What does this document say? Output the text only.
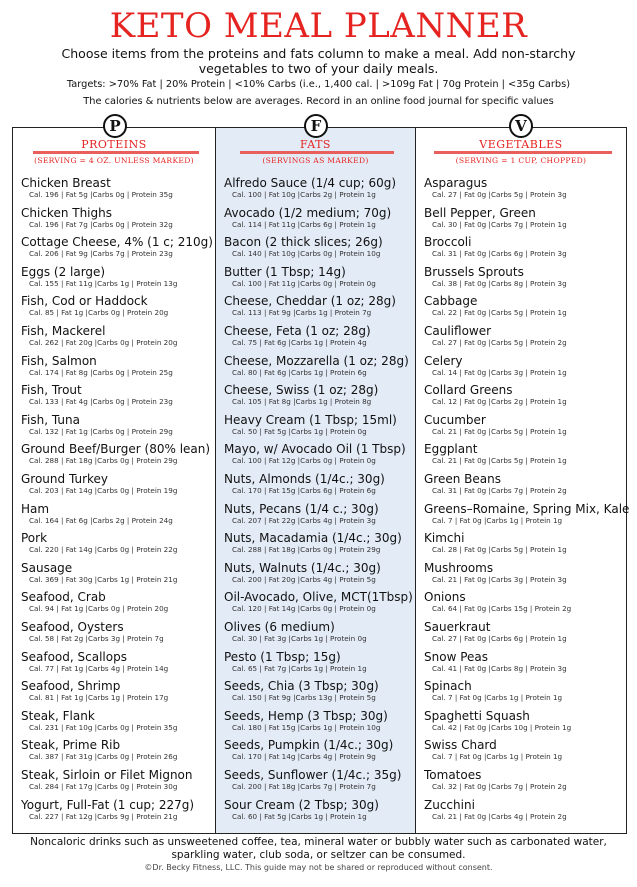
KETO MEAL PLANNER
Choose items from the proteins and fats column to make a meal. Add non-starchy vegetables to two of your daily meals.
Targets: >70% Fat | 20% Protein | <10% Carbs (i.e., 1,400 cal. | >109g Fat | 70g Protein | <35g Carbs)
The calories & nutrients below are averages. Record in an online food journal for specific values
P
PROTEINS
(SERVING = 4 OZ. UNLESS MARKED)
Chicken Breast
Cal. 196 | Fat 5g |Carbs 0g | Protein 35g
Chicken Thighs
Cal. 196 | Fat 7g |Carbs 0g | Protein 32g
Cottage Cheese, 4% (1 c; 210g)
Cal. 206 | Fat 9g |Carbs 7g | Protein 23g
Eggs (2 large)
Cal. 155 | Fat 11g |Carbs 1g | Protein 13g
Fish, Cod or Haddock
Cal. 85 | Fat 1g |Carbs 0g | Protein 20g
Fish, Mackerel
Cal. 262 | Fat 20g |Carbs 0g | Protein 20g
Fish, Salmon
Cal. 174 | Fat 8g |Carbs 0g | Protein 25g
Fish, Trout
Cal. 133 | Fat 4g |Carbs 0g | Protein 23g
Fish, Tuna
Cal. 132 | Fat 1g |Carbs 0g | Protein 29g
Ground Beef/Burger (80% lean)
Cal. 288 | Fat 18g |Carbs 0g | Protein 29g
Ground Turkey
Cal. 203 | Fat 14g |Carbs 0g | Protein 19g
Ham
Cal. 164 | Fat 6g |Carbs 2g | Protein 24g
Pork
Cal. 220 | Fat 14g |Carbs 0g | Protein 22g
Sausage
Cal. 369 | Fat 30g |Carbs 1g | Protein 21g
Seafood, Crab
Cal. 94 | Fat 1g |Carbs 0g | Protein 20g
Seafood, Oysters
Cal. 58 | Fat 2g |Carbs 3g | Protein 7g
Seafood, Scallops
Cal. 77 | Fat 1g |Carbs 4g | Protein 14g
Seafood, Shrimp
Cal. 81 | Fat 1g |Carbs 1g | Protein 17g
Steak, Flank
Cal. 231 | Fat 10g |Carbs 0g | Protein 35g
Steak, Prime Rib
Cal. 387 | Fat 31g |Carbs 0g | Protein 26g
Steak, Sirloin or Filet Mignon
Cal. 284 | Fat 17g |Carbs 0g | Protein 30g
Yogurt, Full-Fat (1 cup; 227g)
Cal. 227 | Fat 12g |Carbs 9g | Protein 21g
F
FATS
(SERVINGS AS MARKED)
Alfredo Sauce (1/4 cup; 60g)
Cal. 100 | Fat 10g |Carbs 2g | Protein 1g
Avocado (1/2 medium; 70g)
Cal. 114 | Fat 11g |Carbs 6g | Protein 1g
Bacon (2 thick slices; 26g)
Cal. 140 | Fat 10g |Carbs 0g | Protein 10g
Butter (1 Tbsp; 14g)
Cal. 100 | Fat 11g |Carbs 0g | Protein 0g
Cheese, Cheddar (1 oz; 28g)
Cal. 113 | Fat 9g |Carbs 1g | Protein 7g
Cheese, Feta (1 oz; 28g)
Cal. 75 | Fat 6g |Carbs 1g | Protein 4g
Cheese, Mozzarella (1 oz; 28g)
Cal. 80 | Fat 6g |Carbs 1g | Protein 6g
Cheese, Swiss (1 oz; 28g)
Cal. 105 | Fat 8g |Carbs 1g | Protein 8g
Heavy Cream (1 Tbsp; 15ml)
Cal. 50 | Fat 5g |Carbs 1g | Protein 0g
Mayo, w/ Avocado Oil (1 Tbsp)
Cal. 100 | Fat 12g |Carbs 0g | Protein 0g
Nuts, Almonds (1/4c.; 30g)
Cal. 170 | Fat 15g |Carbs 6g | Protein 6g
Nuts, Pecans (1/4 c.; 30g)
Cal. 207 | Fat 22g |Carbs 4g | Protein 3g
Nuts, Macadamia (1/4c.; 30g)
Cal. 288 | Fat 18g |Carbs 0g | Protein 29g
Nuts, Walnuts (1/4c.; 30g)
Cal. 200 | Fat 20g |Carbs 4g | Protein 5g
Oil-Avocado, Olive, MCT(1Tbsp)
Cal. 120 | Fat 14g |Carbs 0g | Protein 0g
Olives (6 medium)
Cal. 30 | Fat 3g |Carbs 1g | Protein 0g
Pesto (1 Tbsp; 15g)
Cal. 65 | Fat 7g |Carbs 1g | Protein 1g
Seeds, Chia (3 Tbsp; 30g)
Cal. 150 | Fat 9g |Carbs 13g | Protein 5g
Seeds, Hemp (3 Tbsp; 30g)
Cal. 180 | Fat 15g |Carbs 1g | Protein 10g
Seeds, Pumpkin (1/4c.; 30g)
Cal. 170 | Fat 14g |Carbs 4g | Protein 9g
Seeds, Sunflower (1/4c.; 35g)
Cal. 200 | Fat 18g |Carbs 7g | Protein 7g
Sour Cream (2 Tbsp; 30g)
Cal. 60 | Fat 5g |Carbs 1g | Protein 1g
V
VEGETABLES
(SERVING = 1 CUP, CHOPPED)
Asparagus
Cal. 27 | Fat 0g |Carbs 5g | Protein 3g
Bell Pepper, Green
Cal. 30 | Fat 0g |Carbs 7g | Protein 1g
Broccoli
Cal. 31 | Fat 0g |Carbs 6g | Protein 3g
Brussels Sprouts
Cal. 38 | Fat 0g |Carbs 8g | Protein 3g
Cabbage
Cal. 22 | Fat 0g |Carbs 5g | Protein 1g
Cauliflower
Cal. 27 | Fat 0g |Carbs 5g | Protein 2g
Celery
Cal. 14 | Fat 0g |Carbs 3g | Protein 1g
Collard Greens
Cal. 12 | Fat 0g |Carbs 2g | Protein 1g
Cucumber
Cal. 21 | Fat 0g |Carbs 5g | Protein 1g
Eggplant
Cal. 21 | Fat 0g |Carbs 5g | Protein 1g
Green Beans
Cal. 31 | Fat 0g |Carbs 7g | Protein 2g
Greens–Romaine, Spring Mix, Kale
Cal. 7 | Fat 0g |Carbs 1g | Protein 1g
Kimchi
Cal. 28 | Fat 0g |Carbs 5g | Protein 1g
Mushrooms
Cal. 21 | Fat 0g |Carbs 3g | Protein 3g
Onions
Cal. 64 | Fat 0g |Carbs 15g | Protein 2g
Sauerkraut
Cal. 27 | Fat 0g |Carbs 6g | Protein 1g
Snow Peas
Cal. 41 | Fat 0g |Carbs 8g | Protein 3g
Spinach
Cal. 7 | Fat 0g |Carbs 1g | Protein 1g
Spaghetti Squash
Cal. 42 | Fat 0g |Carbs 10g | Protein 1g
Swiss Chard
Cal. 7 | Fat 0g |Carbs 1g | Protein 1g
Tomatoes
Cal. 32 | Fat 0g |Carbs 7g | Protein 2g
Zucchini
Cal. 21 | Fat 0g |Carbs 4g | Protein 2g
Noncaloric drinks such as unsweetened coffee, tea, mineral water or bubbly water such as carbonated water, sparkling water, club soda, or seltzer can be consumed.
©Dr. Becky Fitness, LLC. This guide may not be shared or reproduced without consent.
